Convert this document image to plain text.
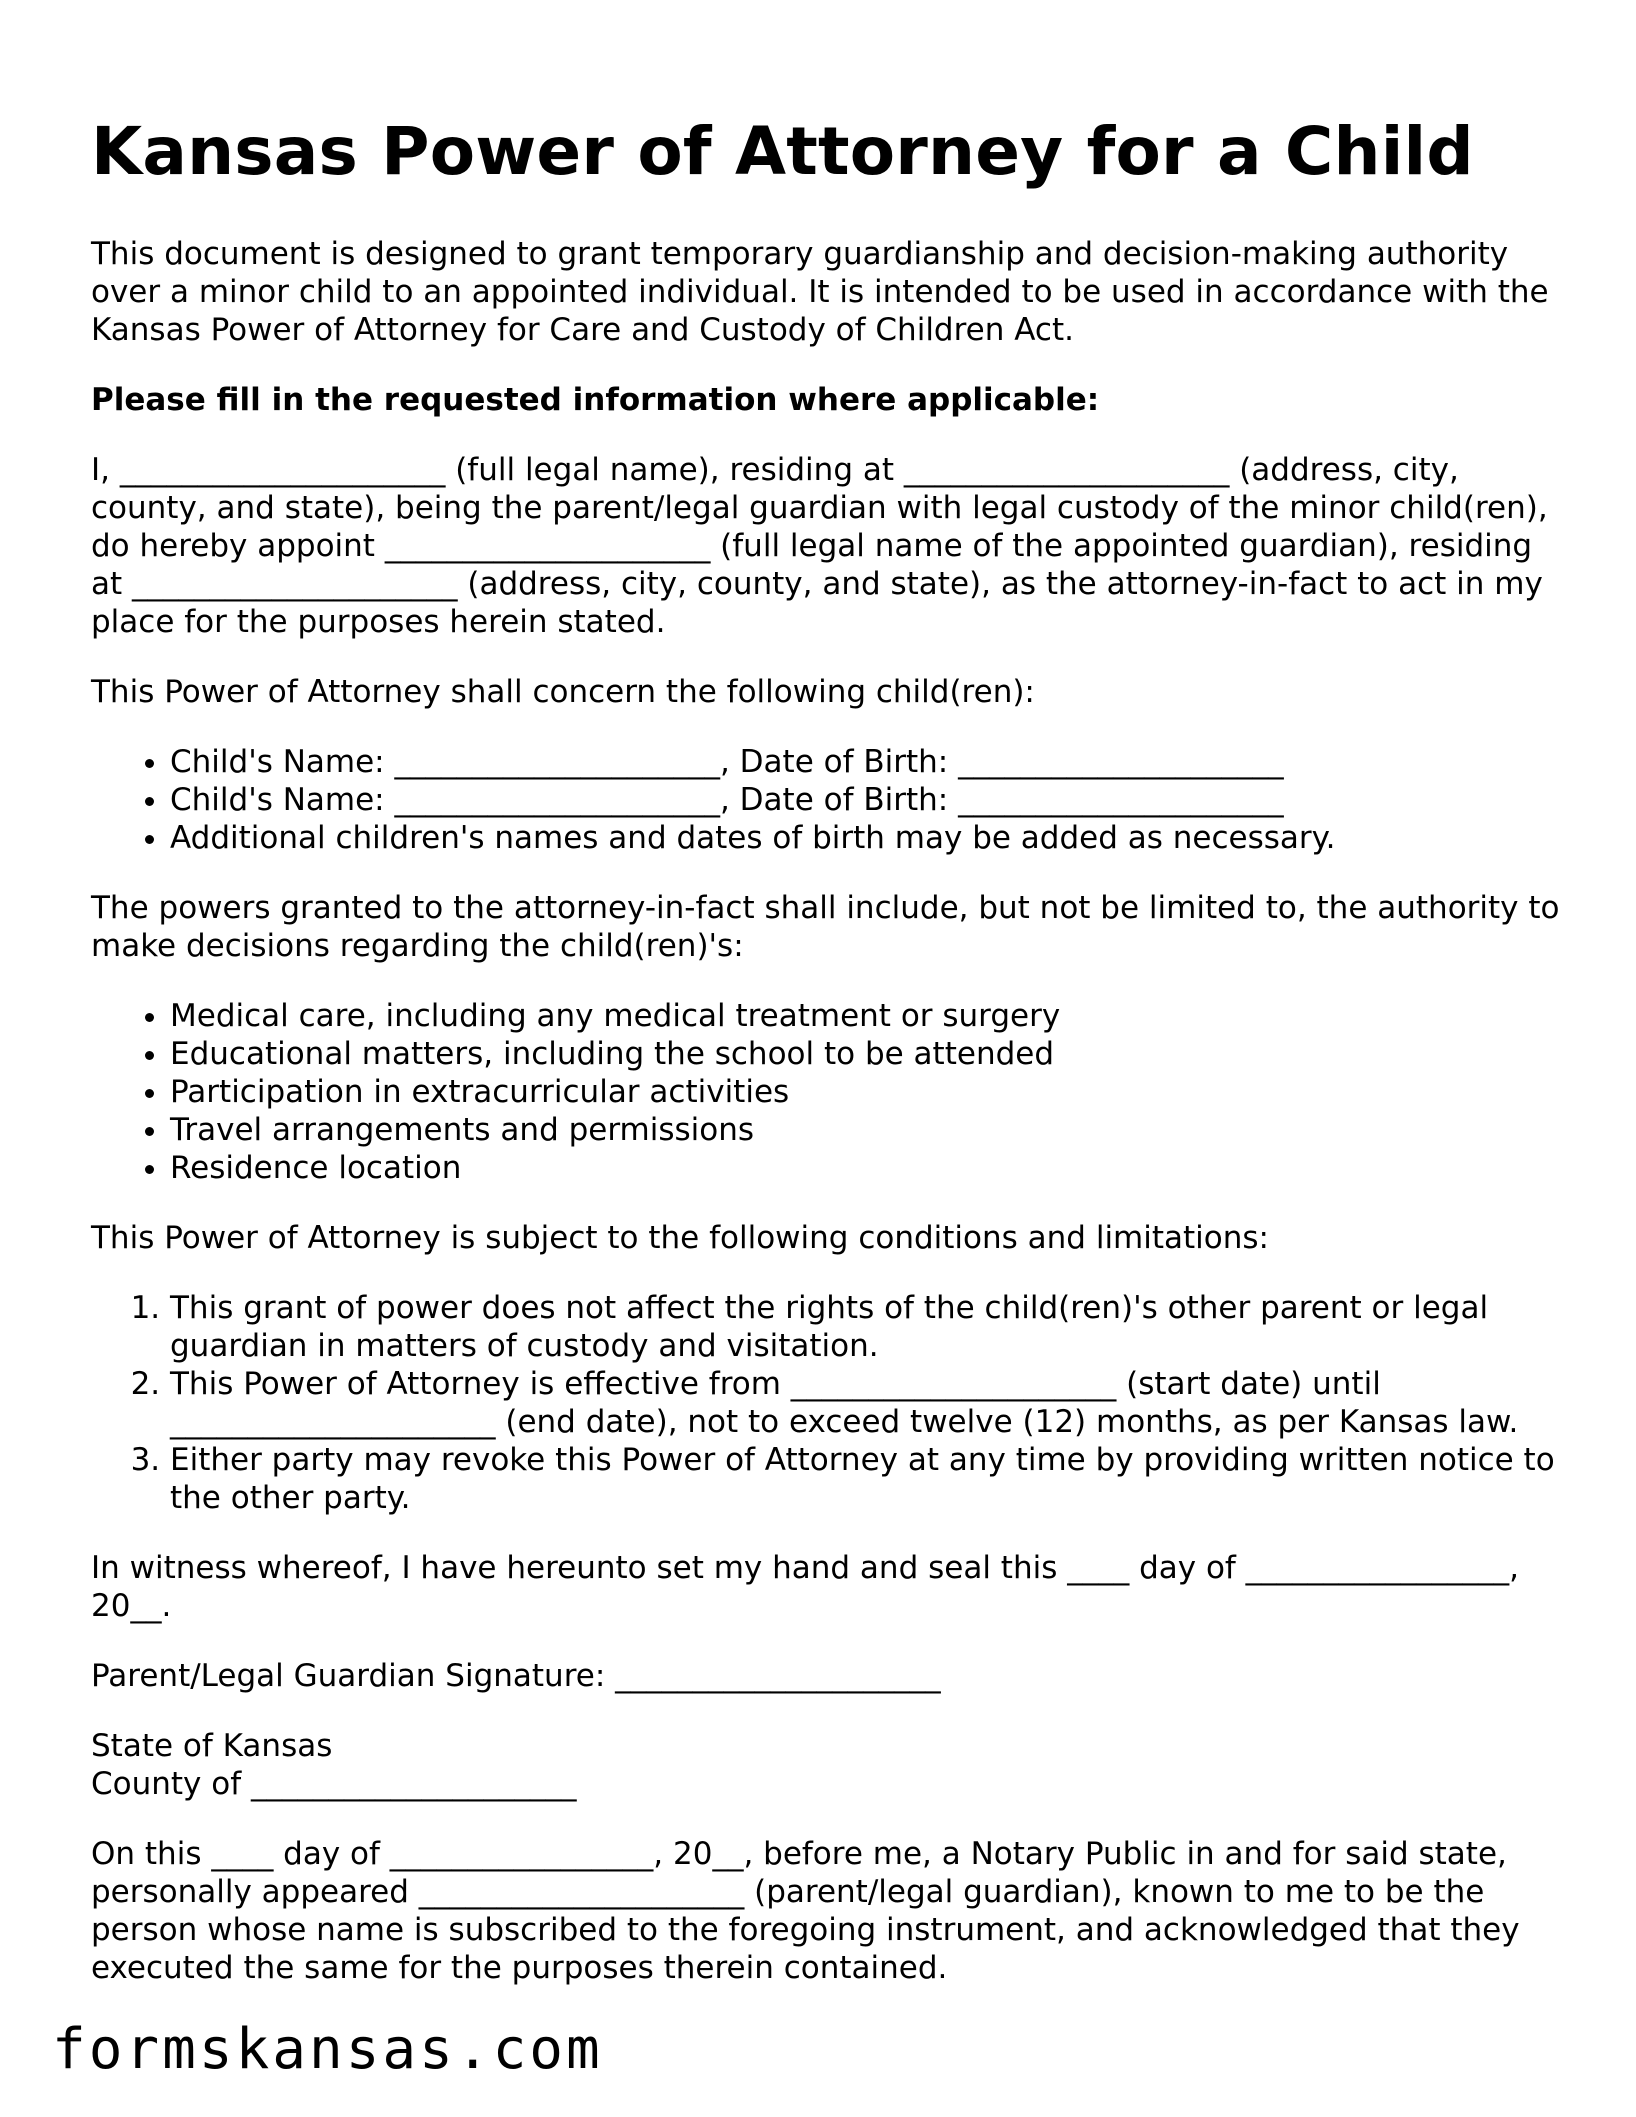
Kansas Power of Attorney for a Child

This document is designed to grant temporary guardianship and decision-making authority over a minor child to an appointed individual. It is intended to be used in accordance with the Kansas Power of Attorney for Care and Custody of Children Act.

Please fill in the requested information where applicable:

I, _____________________ (full legal name), residing at _____________________ (address, city, county, and state), being the parent/legal guardian with legal custody of the minor child(ren), do hereby appoint _____________________ (full legal name of the appointed guardian), residing at _____________________ (address, city, county, and state), as the attorney-in-fact to act in my place for the purposes herein stated.

This Power of Attorney shall concern the following child(ren):

• Child's Name: _____________________, Date of Birth: _____________________
• Child's Name: _____________________, Date of Birth: _____________________
• Additional children's names and dates of birth may be added as necessary.

The powers granted to the attorney-in-fact shall include, but not be limited to, the authority to make decisions regarding the child(ren)'s:

• Medical care, including any medical treatment or surgery
• Educational matters, including the school to be attended
• Participation in extracurricular activities
• Travel arrangements and permissions
• Residence location

This Power of Attorney is subject to the following conditions and limitations:

1. This grant of power does not affect the rights of the child(ren)'s other parent or legal guardian in matters of custody and visitation.
2. This Power of Attorney is effective from _____________________ (start date) until _____________________ (end date), not to exceed twelve (12) months, as per Kansas law.
3. Either party may revoke this Power of Attorney at any time by providing written notice to the other party.

In witness whereof, I have hereunto set my hand and seal this ____ day of _________________, 20__.

Parent/Legal Guardian Signature: _____________________

State of Kansas
County of _____________________

On this ____ day of _________________, 20__, before me, a Notary Public in and for said state, personally appeared _____________________ (parent/legal guardian), known to me to be the person whose name is subscribed to the foregoing instrument, and acknowledged that they executed the same for the purposes therein contained.

formskansas.com
